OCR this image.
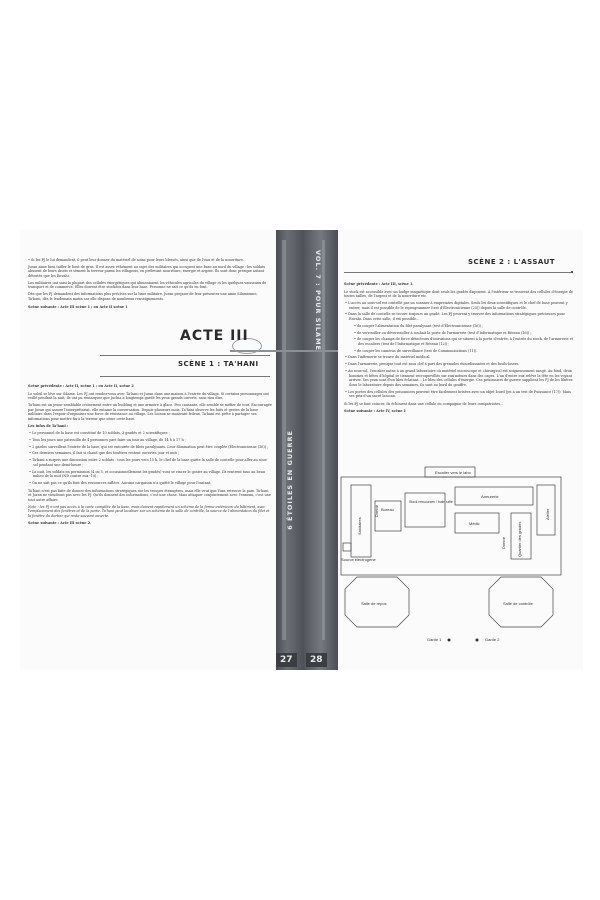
6 ÉTOILES EN GUERRE
VOL. 7 : POUR SILAME
27	28

• Si les PJ le lui demandent, il peut leur donner du matériel de soins pour leurs blessés, ainsi que de l'eau et de la nourriture.

Juran aime bien tailler le bout de gras. Il est assez véhément au sujet des militaires qui occupent une base au nord du village : les soldats abusent de leurs droits et sèment la terreur parmi les villageois, en prélevant nourriture, énergie et argent. Ils sont donc presque autant détestés que les Envahi.

Les militaires ont saisi la plupart des cellules énergétiques qui alimentaient les véhicules agricoles du village et les quelques vaisseaux de transport et de commerce. Elles doivent être stockées dans leur base. Personne ne sait ce qu'ils en font.

Dès que les PJ demandent des informations plus précises sur la base militaire, Juran propose de leur présenter une amie Silamienne, Ta'hani, dès le lendemain matin car elle dispose de nombreux renseignements.

Scène suivante : Acte III scène 1 ; ou Acte II scène 1

ACTE III
SCÈNE 1 : TA'HANI

Scène précédente : Acte II, scène 1 ; ou Acte II, scène 2

Le soleil se lève sur Silame. Les PJ ont rendez-vous avec Ta'hani et Juran dans une maison à l'entrée du village. Si certains personnages ont veillé pendant la nuit, ils ont pu remarquer que Juchia a longtemps gardé les yeux grands ouverts, sans rien dire.

Ta'hani est un jeune semblable croisement entre un building et une armoire à glace. Peu causante, elle semble se méfier de tout. Encouragée par Juran qui assure l'interprétariat, elle entame la conversation. Depuis plusieurs mois, Ta'hani observe les faits et gestes de la base militaire dans l'espoir d'organiser une force de résistance au village. Les locaux se montrant frileux, Ta'hani est prête à partager ses informations pour mettre fin à la terreur que sème cette base.

Les infos de Ta'hani :

• Le personnel de la base est constitué de 10 soldats, 3 gradés et 2 scientifiques ;

• Tous les jours une patrouille de 4 personnes part faire un tour au village, de 14 h à 17 h ;

• 2 gardes surveillent l'entrée de la base, qui est entourée de filets paralysants. Leur élimination peut être couplée (Électronicienne (16)) ;

• Ces derniers semaines, il fait si chaud que des fenêtres restent ouvertes jour et nuit ;

• Ta'hani a surpris une discussion entre 2 soldats : tous les jours vers 15 h, le chef de la base quitte la salle de contrôle pour aller au sous-sol pendant une demi-heure ;

• La nuit, les soldats en permission (4 ou 5, et occasionnellement les gradés) vont se rincer le gosier au village. Ils rentrent tous au beau milieu de la nuit (ND contre eux -10) ;

• On ne sait pas ce qu'ils font des ressources raflées. Aucune cargaison n'a quitté le village pour l'instant.

Ta'hani n'est pas faite de donner des informations stratégiques sur les troupes étrangères, mais elle veut que Yuza retrouve la paix. Ta'hani et Juran ne viendront pas avec les PJ. Qu'ils donnent des informations, c'est une chose. Mais attaquer conjointement avec l'ennemi, c'est une tout autre affaire.

Note : les PJ n'ont pas accès à la carte complète de la base, mais doivent rapidement un schéma de la forme extérieure du bâtiment, avec l'emplacement des fenêtres et de la porte. Ta'hani peut localiser sur un schéma de la salle de contrôle, la source de l'alimentation du filet et la fenêtre du dortoir qui reste souvent ouverte.

Scène suivante : Acte III scène 2.

SCÈNE 2 : L'ASSAUT

Scène précédente : Acte III, scène 1.

Le stock est accessible avec un badge magnétique dont seuls les gradés disposent. À l'intérieur se trouvent des cellules d'énergie de toutes tailles, de l'argent et de la nourriture etc.

• L'accès au sous-sol est contrôlé par un scanner à empreintes digitales. Seuls les deux scientifiques et le chef de base peuvent y entrer, mais il est possible de le reprogrammer (test d'Électronicienne (25)) depuis la salle de contrôle.

• Dans la salle de contrôle se trouve toujours un gradé. Les PJ peuvent y trouver des informations stratégiques précieuses pour Envahi. Dans cette salle, il est possible...

• de couper l'alimentation du filet paralysant (test d'Électronicienne (16)) ;

• de verrouiller ou déverrouiller à souhait la porte de l'armurerie (test d'Informatique et Réseau (16)) ;

• de couper les champs de force détecteurs d'intrusions qui se situent à la porte d'entrée, à l'entrée du stock, de l'armurerie et des escaliers (test de l'Informatique et Réseau (12)) ;

• de couper les caméras de surveillance (test de Communications (11)).

• Dans l'infirmerie se trouve du matériel médical.

• Dans l'armurerie, presque tout est sous clef à part des grenades étourdissantes et des fusils-lasers.

• Au sous-sol, l'escalier mène à un grand laboratoire où matériel microscope et chirurgical est soigneusement rangé. Au fond, deux hommes et bêtes d'hôpital se tiennent recroquevillés sur eux-mêmes dans des cages. L'un d'entre eux relève la tête en les voyant arriver. Ses yeux sont d'un bleu éclatant… Le bleu des cellules d'énergie. Ces prisonniers de guerre supplient les PJ de les libérer. Sous le laboratoire depuis des semaines, ils sont au bord du gouffre.

• Les portes des cellules des prisonniers peuvent être facilement brisées avec un objet lourd (jet à un test de Puissance (17)). Mais ses prix d'un sacré boucan.

Si les PJ se font coincer, ils échouent dans une cellule en compagnie de leurs compatriotes...

Scène suivante : Acte IV, scène 1

Escalier vers le labo
Sanitaires
Dortoir Bureau
Stock ressources / butin raflé
Armurerie
Atelier
Médic	Quartier des gradés
Dortoir
Source électrogène
Salle de repos	Salle de contrôle
Garde 1	Garde 2
